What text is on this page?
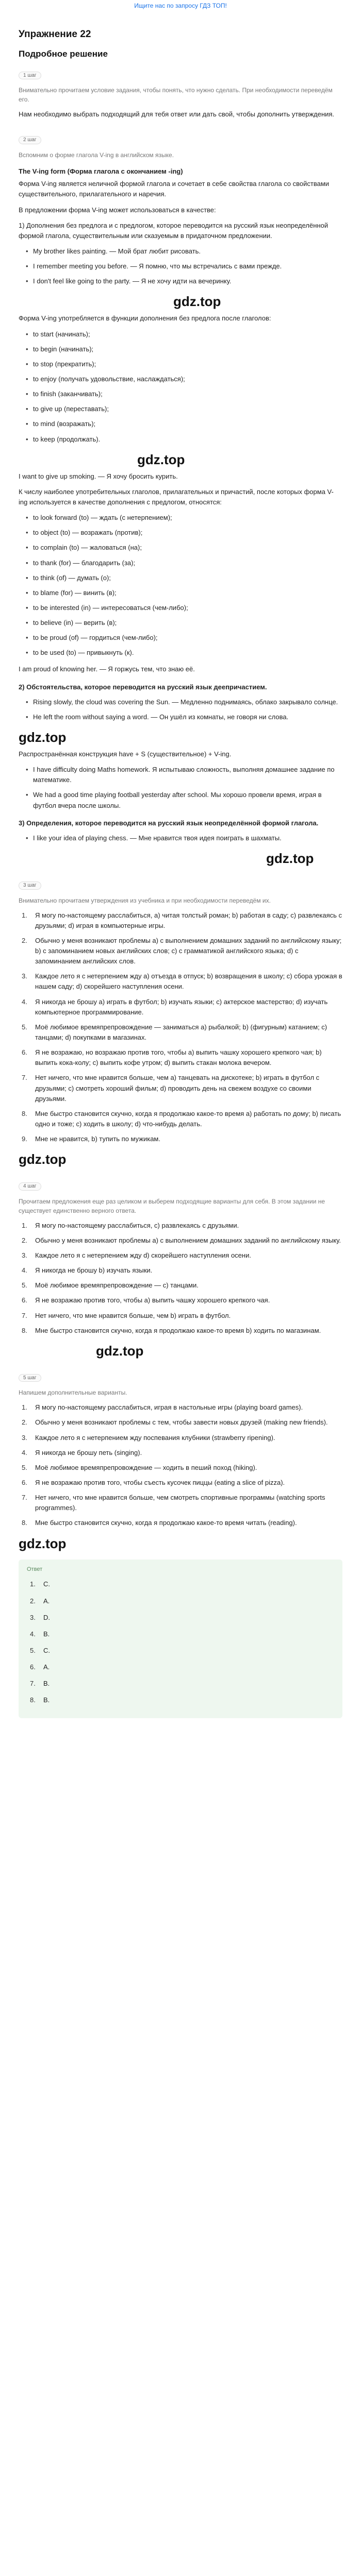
Ищите нас по запросу ГДЗ ТОП!
Упражнение 22
Подробное решение
1 шаг
Внимательно прочитаем условие задания, чтобы понять, что нужно сделать. При необходимости переведём его.

Нам необходимо выбрать подходящий для тебя ответ или дать свой, чтобы дополнить утверждения.

2 шаг
Вспомним о форме глагола V-ing в английском языке.
The V-ing form (Форма глагола с окончанием -ing)

Форма V-ing является неличной формой глагола и сочетает в себе свойства глагола со свойствами существительного, прилагательного и наречия.

В предложении форма V-ing может использоваться в качестве:

1) Дополнения без предлога и с предлогом, которое переводится на русский язык неопределённой формой глагола, существительным или сказуемым в придаточном предложении.

• My brother likes painting. — Мой брат любит рисовать.
• I remember meeting you before. — Я помню, что мы встречались с вами прежде.
• I don't feel like going to the party. — Я не хочу идти на вечеринку.
gdz.top

Форма V-ing употребляется в функции дополнения без предлога после глаголов:

• to start (начинать);
• to begin (начинать);
• to stop (прекратить);
• to enjoy (получать удовольствие, наслаждаться);
• to finish (заканчивать);
• to give up (переставать);
• to mind (возражать);
• to keep (продолжать).
gdz.top

I want to give up smoking. — Я хочу бросить курить.

К числу наиболее употребительных глаголов, прилагательных и причастий, после которых форма V-ing используется в качестве дополнения с предлогом, относятся:

• to look forward (to) — ждать (с нетерпением);
• to object (to) — возражать (против);
• to complain (to) — жаловаться (на);
• to thank (for) — благодарить (за);
• to think (of) — думать (о);
• to blame (for) — винить (в);
• to be interested (in) — интересоваться (чем-либо);
• to believe (in) — верить (в);
• to be proud (of) — гордиться (чем-либо);
• to be used (to) — привыкнуть (к).

I am proud of knowing her. — Я горжусь тем, что знаю её.

2) Обстоятельства, которое переводится на русский язык деепричастием.

• Rising slowly, the cloud was covering the Sun. — Медленно поднимаясь, облако закрывало солнце.
• He left the room without saying a word. — Он ушёл из комнаты, не говоря ни слова.
gdz.top

Распространённая конструкция have + S (существительное) + V-ing.

• I have difficulty doing Maths homework. Я испытываю сложность, выполняя домашнее задание по математике.
• We had a good time playing football yesterday after school. Мы хорошо провели время, играя в футбол вчера после школы.

3) Определения, которое переводится на русский язык неопределённой формой глагола.

• I like your idea of playing chess. — Мне нравится твоя идея поиграть в шахматы.
gdz.top
3 шаг
Внимательно прочитаем утверждения из учебника и при необходимости переведём их.
1.	Я могу по-настоящему расслабиться, а) читая толстый роман; b) работая в саду; с) развлекаясь с друзьями; d) играя в компьютерные игры.
2.	Обычно у меня возникают проблемы a) с выполнением домашних заданий по английскому языку; b) с запоминанием новых английских слов; c) с грамматикой английского языка; d) с запоминанием английских слов.
3.	Каждое лето я с нетерпением жду a) отъезда в отпуск; b) возвращения в школу; c) сбора урожая в нашем саду; d) скорейшего наступления осени.
4.	Я никогда не брошу a) играть в футбол; b) изучать языки; c) актерское мастерство; d) изучать компьютерное программирование.
5.	Моё любимое времяпрепровождение — заниматься а) рыбалкой; b) (фигурным) катанием; c) танцами; d) покупками в магазинах.
6.	Я не возражаю, но возражаю против того, чтобы a) выпить чашку хорошего крепкого чая; b) выпить кока-колу; c) выпить кофе утром; d) выпить стакан молока вечером.
7.	Нет ничего, что мне нравится больше, чем a) танцевать на дискотеке; b) играть в футбол с друзьями; c) смотреть хороший фильм; d) проводить день на свежем воздухе со своими друзьями.
8.	Мне быстро становится скучно, когда я продолжаю какое-то время a) работать по дому; b) писать одно и тоже; c) ходить в школу; d) что-нибудь делать.
9.	Мне не нравится, b) тупить по мужикам.
gdz.top
4 шаг
Прочитаем предложения еще раз целиком и выберем подходящие варианты для себя. В этом задании не существует единственно верного ответа.
1.	Я могу по-настоящему расслабиться, с) развлекаясь с друзьями.
2.	Обычно у меня возникают проблемы a) с выполнением домашних заданий по английскому языку.
3.	Каждое лето я с нетерпением жду d) скорейшего наступления осени.
4.	Я никогда не брошу b) изучать языки.
5.	Моё любимое времяпрепровождение — c) танцами.
6.	Я не возражаю против того, чтобы a) выпить чашку хорошего крепкого чая.
7.	Нет ничего, что мне нравится больше, чем b) играть в футбол.
8.	Мне быстро становится скучно, когда я продолжаю какое-то время b) ходить по магазинам.
gdz.top
5 шаг
Напишем дополнительные варианты.
1.	Я могу по-настоящему расслабиться, играя в настольные игры (playing board games).
2.	Обычно у меня возникают проблемы с тем, чтобы завести новых друзей (making new friends).
3.	Каждое лето я с нетерпением жду поспевания клубники (strawberry ripening).
4.	Я никогда не брошу петь (singing).
5.	Моё любимое времяпрепровождение — ходить в пеший поход (hiking).
6.	Я не возражаю против того, чтобы съесть кусочек пиццы (eating a slice of pizza).
7.	Нет ничего, что мне нравится больше, чем смотреть спортивные программы (watching sports programmes).
8.	Мне быстро становится скучно, когда я продолжаю какое-то время читать (reading).
gdz.top
Ответ
1.	C.
2.	A.
3.	D.
4.	B.
5.	C.
6.	A.
7.	B.
8.	B.
